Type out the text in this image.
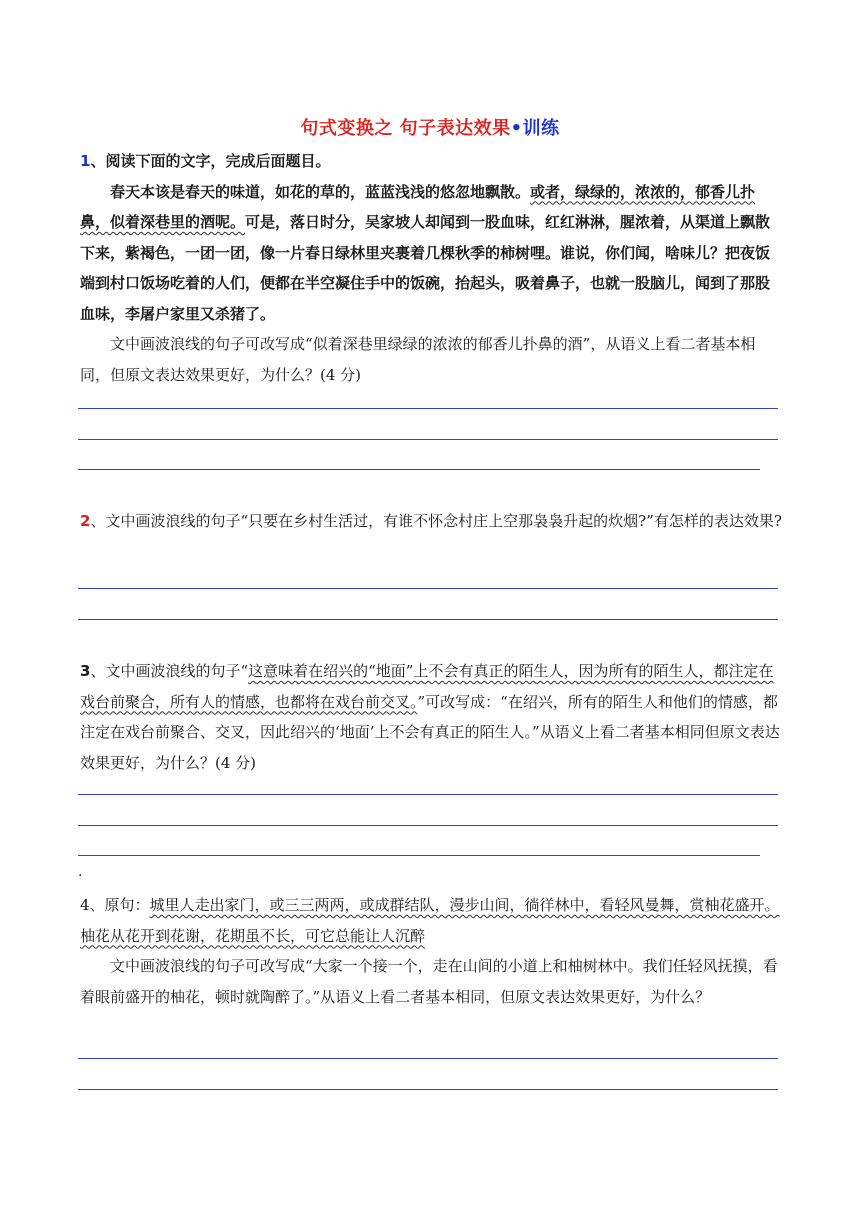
句式变换之 句子表达效果•训练

1、阅读下面的文字，完成后面题目。

春天本该是春天的味道，如花的草的，蓝蓝浅浅的悠忽地飘散。或者，绿绿的，浓浓的，郁香儿扑鼻，似着深巷里的酒呢。可是，落日时分，吴家坡人却闻到一股血味，红红淋淋，腥浓着，从渠道上飘散下来，紫褐色，一团一团，像一片春日绿林里夹裹着几棵秋季的柿树哩。谁说，你们闻，啥味儿？把夜饭端到村口饭场吃着的人们，便都在半空凝住手中的饭碗，抬起头，吸着鼻子，也就一股脑儿，闻到了那股血味，李屠户家里又杀猪了。

文中画波浪线的句子可改写成“似着深巷里绿绿的浓浓的郁香儿扑鼻的酒”，从语义上看二者基本相同，但原文表达效果更好，为什么？(4 分)

2、文中画波浪线的句子“只要在乡村生活过，有谁不怀念村庄上空那袅袅升起的炊烟?”有怎样的表达效果?

3、文中画波浪线的句子“这意味着在绍兴的“地面”上不会有真正的陌生人，因为所有的陌生人，都注定在戏台前聚合，所有人的情感，也都将在戏台前交叉。”可改写成：“在绍兴，所有的陌生人和他们的情感，都注定在戏台前聚合、交叉，因此绍兴的‘地面’上不会有真正的陌生人。”从语义上看二者基本相同但原文表达效果更好，为什么？(4 分)

.

4、原句：城里人走出家门，或三三两两，或成群结队，漫步山间，徜徉林中，看轻风曼舞，赏柚花盛开。柚花从花开到花谢，花期虽不长，可它总能让人沉醉

文中画波浪线的句子可改写成“大家一个接一个，走在山间的小道上和柚树林中。我们任轻风抚摸，看着眼前盛开的柚花，顿时就陶醉了。”从语义上看二者基本相同，但原文表达效果更好，为什么？
